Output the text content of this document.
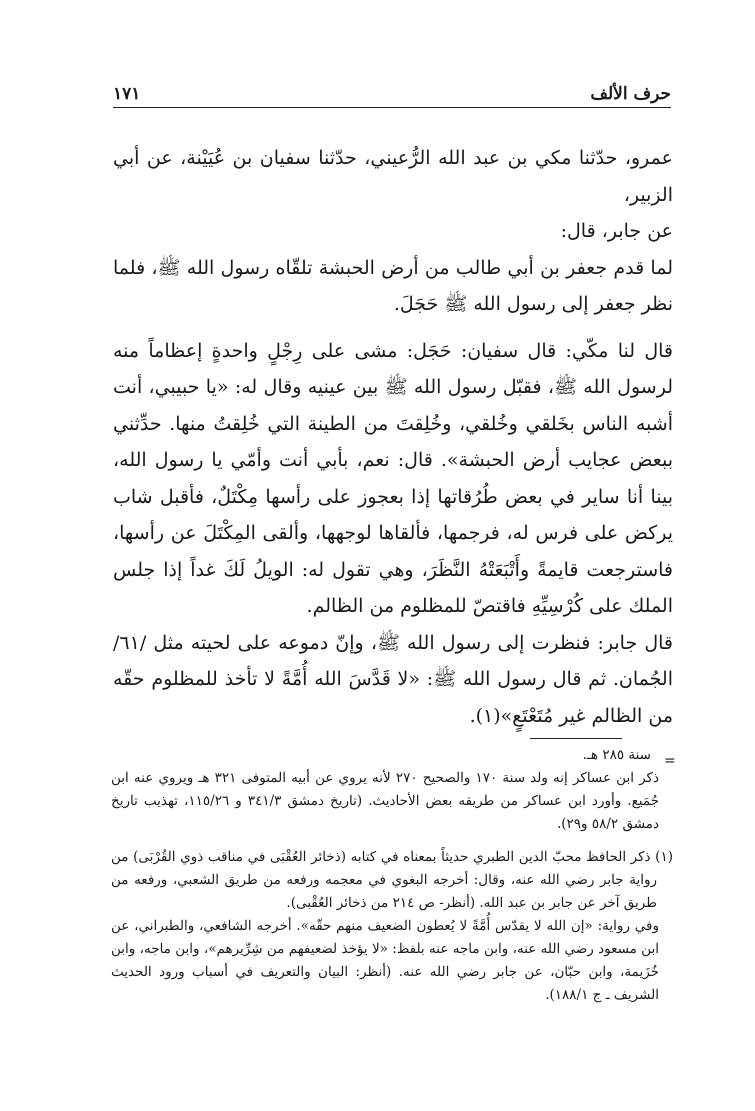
حرف الألف
١٧١

عمرو، حدّثنا مكي بن عبد الله الرُّعيني، حدّثنا سفيان بن عُيَيْنة، عن أبي الزبير،

عن جابر، قال:

لما قدم جعفر بن أبي طالب من أرض الحبشة تلقّاه رسول الله ﷺ، فلما نظر جعفر إلى رسول الله ﷺ حَجَلَ.

قال لنا مكّي: قال سفيان: حَجَل: مشى على رِجْلٍ واحدةٍ إعظاماً منه لرسول الله ﷺ، فقبّل رسول الله ﷺ بين عينيه وقال له: «يا حبيبي، أنت أشبه الناس بخَلقي وخُلقي، وخُلِقتَ من الطينة التي خُلِقتُ منها. حدِّثني ببعض عجايب أرض الحبشة». قال: نعم، بأبي أنت وأمّي يا رسول الله، بينا أنا ساير في بعض طُرُقاتها إذا بعجوز على رأسها مِكْتَلٌ، فأقبل شاب يركض على فرس له، فرجمها، فألقاها لوجهها، وألقى المِكْتَلَ عن رأسها، فاسترجعت قايمةً وأَتْبَعَتْهُ النَّظَرَ، وهي تقول له: الويلُ لَكَ غداً إذا جلس الملك على كُرْسِيِّهِ فاقتصّ للمظلوم من الظالم.

قال جابر: فنظرت إلى رسول الله ﷺ، وإنّ دموعه على لحيته مثل /٦١/ الجُمان. ثم قال رسول الله ﷺ: «لا قَدَّسَ الله أُمَّةً لا تأخذ للمظلوم حقّه من الظالم غير مُتَعْتَعٍ»(١).

=

سنة ٢٨٥ هـ.

ذكر ابن عساكر إنه ولد سنة ١٧٠ والصحيح ٢٧٠ لأنه يروي عن أبيه المتوفى ٣٢١ هـ ويروي عنه ابن جُمَيع. وأورد ابن عساكر من طريقه بعض الأحاديث. (تاريخ دمشق ٣٤١/٣ و ١١٥/٢٦، تهذيب تاريخ دمشق ٥٨/٢ و٢٩).

(١) ذكر الحافظ محبّ الدين الطبري حديثاً بمعناه في كتابه (ذخائر العُقْبَى في مناقب ذوي القُرْبَى) من رواية جابر رضي الله عنه، وقال: أخرجه البغوي في معجمه ورفعه من طريق الشعبي، ورفعه من طريق آخر عن جابر بن عبد الله. (أنظر- ص ٢١٤ من ذخائر العُقْبى).

وفي رواية: «إن الله لا يقدّس أُمَّةً لا يُعطون الضعيف منهم حقّه». أخرجه الشافعي، والطبراني، عن ابن مسعود رضي الله عنه، وابن ماجه عنه بلفظ: «لا يؤخذ لضعيفهم من شِرِّيرهم»، وابن ماجه، وابن خُزَيمة، وابن حبّان، عن جابر رضي الله عنه. (أنظر: البيان والتعريف في أسباب ورود الحديث الشريف ـ ج ١٨٨/١).
